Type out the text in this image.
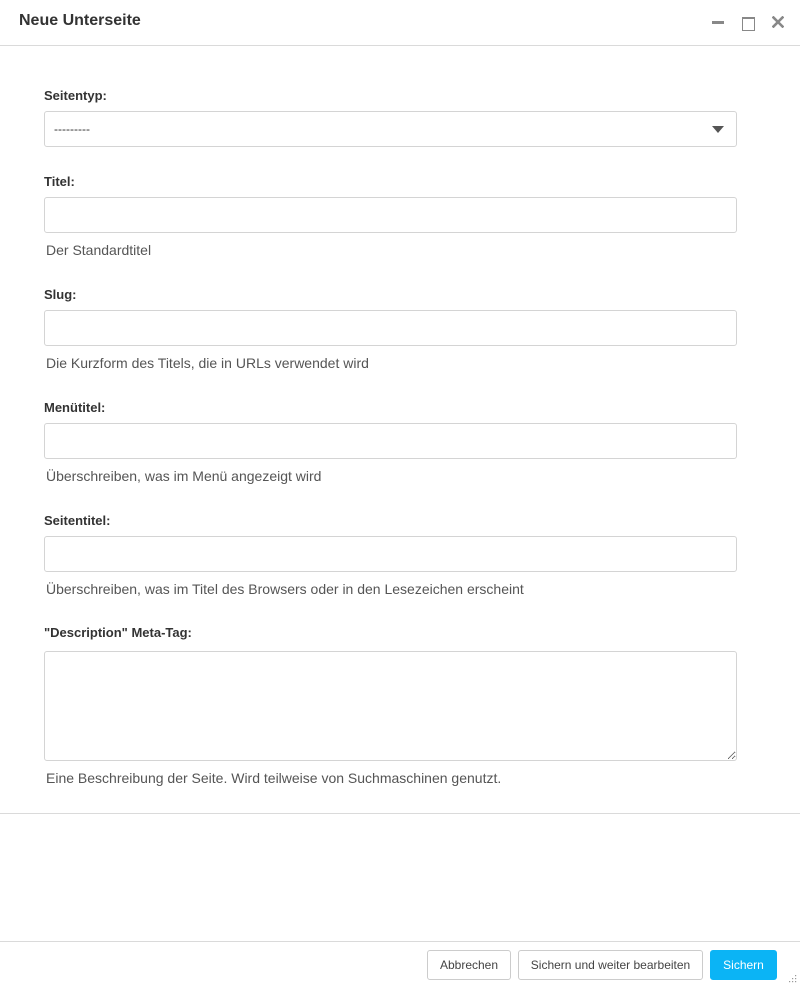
Neue Unterseite
Seitentyp:
---------
Titel:
Der Standardtitel
Slug:
Die Kurzform des Titels, die in URLs verwendet wird
Menütitel:
Überschreiben, was im Menü angezeigt wird
Seitentitel:
Überschreiben, was im Titel des Browsers oder in den Lesezeichen erscheint
"Description" Meta-Tag:
Eine Beschreibung der Seite. Wird teilweise von Suchmaschinen genutzt.
Abbrechen	Sichern und weiter bearbeiten	Sichern
